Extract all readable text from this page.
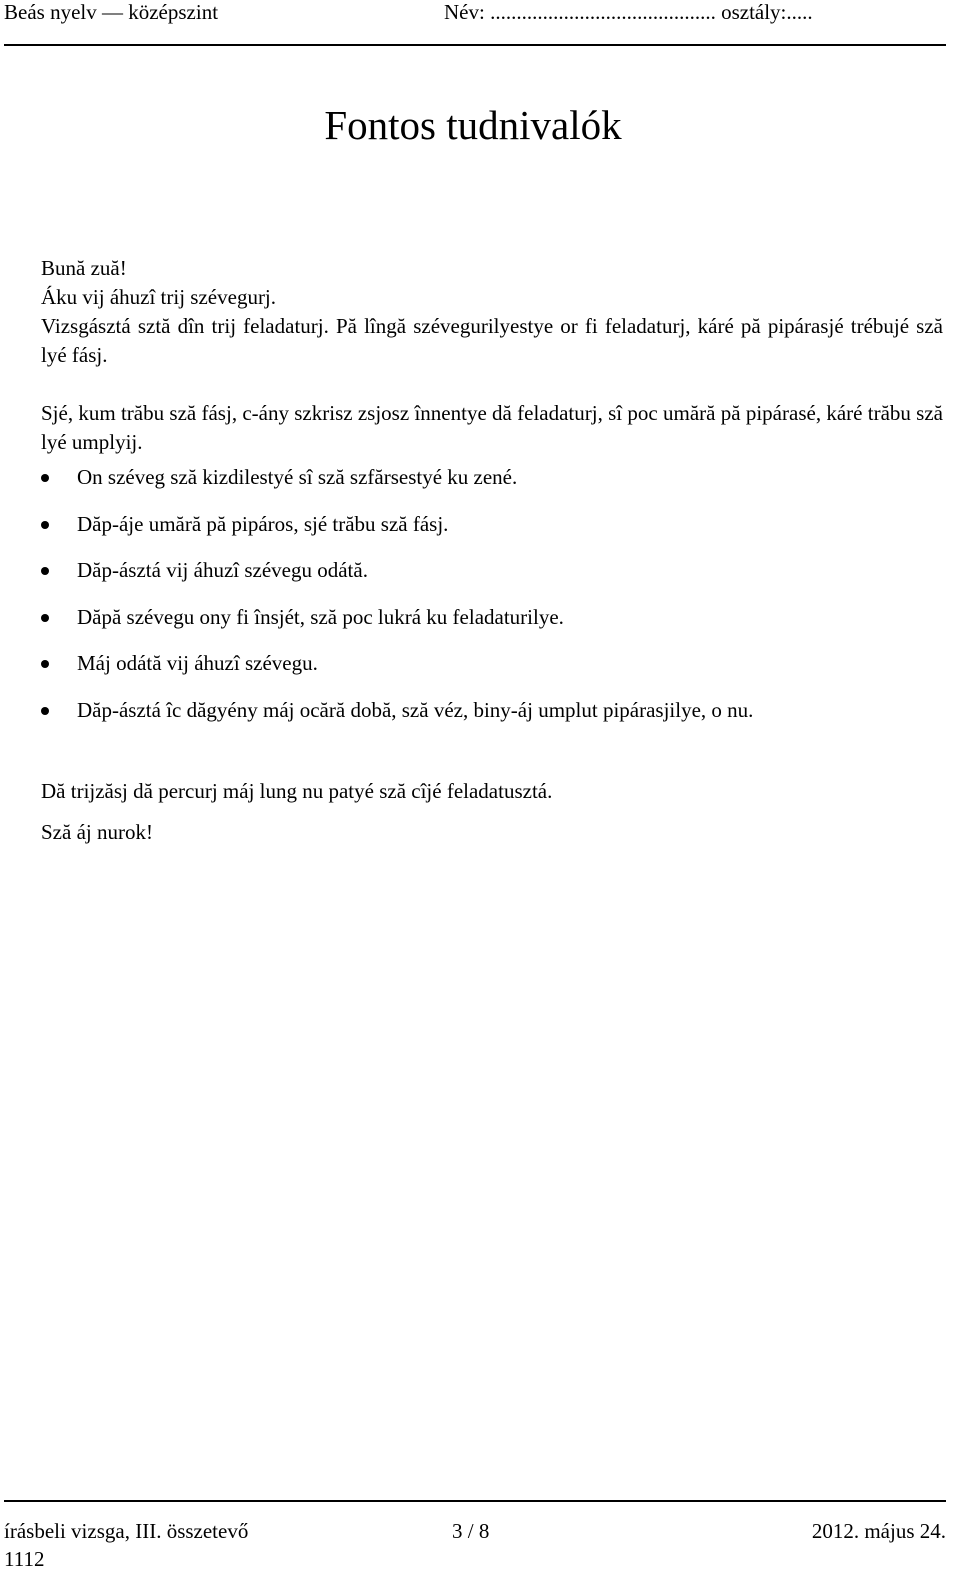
Beás nyelv — középszint	Név: ........................................... osztály:.....
Fontos tudnivalók

Bună zuă!

Áku vij áhuzî trij szévegurj.

Vizsgásztá sztă dîn trij feladaturj. Pă lîngă szévegurilyestye or fi feladaturj, káré pă pipárasjé trébujé sză lyé fásj.

Sjé, kum trăbu sză fásj, c-ány szkrisz zsjosz înnentye dă feladaturj, sî poc umără pă pipárasé, káré trăbu sză lyé umplyij.

On széveg sză kizdilestyé sî sză szfărsestyé ku zené.
Dăp-áje umără pă pipáros, sjé trăbu sză fásj.
Dăp-ásztá vij áhuzî szévegu odátă.
Dăpă szévegu ony fi însjét, sză poc lukrá ku feladaturilye.
Máj odátă vij áhuzî szévegu.
Dăp-ásztá îc dăgyény máj ocără dobă, sză véz, biny-áj umplut pipárasjilye, o nu.

Dă trijzăsj dă percurj máj lung nu patyé sză cîjé feladatusztá.

Sză áj nurok!

írásbeli vizsga, III. összetevő	3 / 8	2012. május 24.
1112
